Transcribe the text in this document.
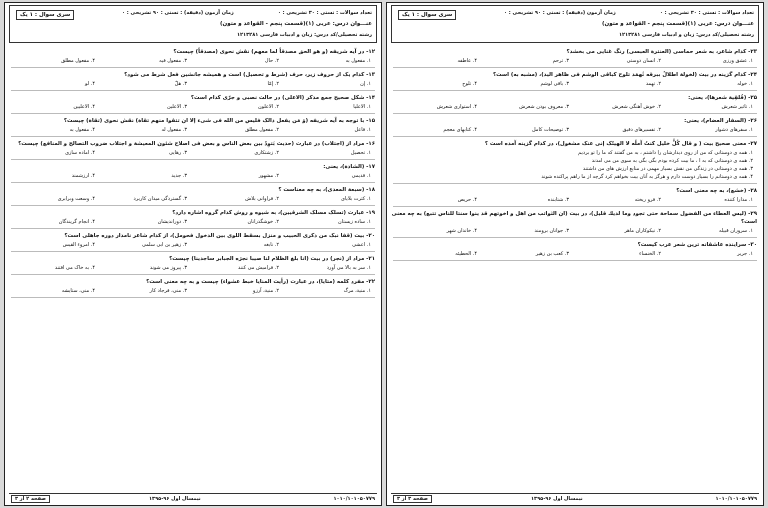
تعداد سوالات : تستی : ۳۰ تشریحی : ۰
زمان آزمون (دقیقه) : تستی : ۹۰ تشریحی : ۰
سری سوال : ۱ یک
عنـــوان درس: عربی (۱)(قسمت پنجم - القواعد و متون)
رشته تحصیلی/کد درس: زبان و ادبیات فارسی ۱۲۱۳۲۸۱
۱۲- در آیه شریفه (و هو الحق مصدقاً لما معهم) نقش نحوی (مصدقاً) چیست؟
۱. مفعول به
۲. حال
۳. مفعول فیه
۴. مفعول مطلق
۱۳- کدام یک از حروف زیر، حرف (شرط و تحصیل) است و همیشه جانشین فعل شرط می شود؟
۱. إن
۲. إمّا
۳. هلّ
۴. لو
۱۴- شکل صحیح جمع مذکر (الاعلی) در حالت نصبی و جرّی کدام است؟
۱. الاعلیا
۲. الاعلون
۳. الاعلین
۴. الاعلیین
۱۵- با توجه به آیه شریفه (وَ مَن یفعل ذالک فلیس من الله فی شیء إلا ان تتقوا منهم تقاة) نقش نحوی (تقاة) چیست؟
۱. فاعل
۲. مفعول مطلق
۳. مفعول له
۴. مفعول به
۱۶- مراد از (اجتلاب) در عبارت (حدیث بَتوِدّ بین بعض الناس و بعض فی اصلاح شئون المعیشة و اجتلاب ضروب التصالح و المنافع) چیست؟
۱. تحصیل
۲. زشتکاری
۳. رهایی
۴. اماده سازی
۱۷- (الشاذة)، یعنی:
۱. قدیمی
۲. مشهور
۳. جدید
۴. ارزشمند
۱۸- (سبعة المعدی)، به چه معناست ؟
۱. کثرت بلایای
۲. فراوانی بلاش
۳. گستردگی میدان کاربرد
۴. وسعت وبرابری
۱۹- عبارت (تسلک مسلک الشرقیین)، به شیوه و روش کدام گروه اشاره دارد؟
۱. ساده زیستان
۲. خوشگذرانان
۳. دوراندیشان
۴. انجام گریندگان
۲۰- بیت (قفا نبک من ذکری الحبیب و منزل بسقط اللوی بین الدخول فحومل)، از کدام شاعر نامدار دوره جاهلی است؟
۱. اعشی
۲. نابغه
۳. زهیر بن ابی سلمی
۴. امروء القیس
۲۱- مراد از (نجر) در بیت (انا بلغ الظلام لنا صیبا نجرَه الجبابر ساجدینا) چیست؟
۱. سر به بالا می آورد
۲. فرامیش می کنند
۳. پیروز می شوند
۴. به خاک می افتند
۲۲- مفرد کلمه (متایا)، در عبارت (رأیت المنایا خبط عشواء) چیست و به چه معنی است؟
۱. منیة، مرگ
۲. منیة، آرزو
۳. منی، فرجاد کار
۴. منی، ستایشه
۱۰۱۰/۱۰۱۰۵۰۷۷۹
نیمسال اول ۹۶-۱۳۹۵
صفحه ۲ از ۳
تعداد سوالات : تستی : ۳۰ تشریحی : ۰
زمان آزمون (دقیقه) : تستی : ۹۰ تشریحی : ۰
سری سوال : ۱ یک
عنـــوان درس: عربی (۱)(قسمت پنجم - القواعد و متون)
رشته تحصیلی/کد درس: زبان و ادبیات فارسی ۱۲۱۳۲۸۱
۲۳- کدام شاعر، به شعر حماسی (العنترة العبسی) رنگ غنایی می بخشد؟
۱. عشق ورزی
۲. انسان دوستی
۳. ترحم
۴. عاطفه
۲۴- کدام گزینه در بیت (لخولة اطلالٌ ببرقه ثَهمَد تلوح کباقی الوشم فی ظاهر الید)، (مشبه به) است؟
۱. خوله
۲. تهمد
۳. باقی لوشم
۴. تلوح
۲۵- (فُلقِیة شعرها)، یعنی:
۱. تاثیر شعرش
۲. خوش آهنگی شعرش
۳. معروف بودن شعرش
۴. استواری شعرش
۲۶- (السفار العضام)، یعنی:
۱. سفرهای دشوار
۲. تفسیرهای دقیق
۳. توصیحات کامل
۴. کتابهای معجم
۲۷- معنی صحیح بیت ( و قال کُلُّ خلیل کنتُ آملُه لا الهینّک إنی عنک مشغول)، در کدام گزینه آمده است ؟
۱. همه ی دوستانی که من از روی دیدارشان را داشتم ، به من گفتند که ما را تو بردیم
۲. همه ی دوستانی که به ا ، ما بیت کرده بودم بگی بگی به سوی من می امدند
۳. همه ی دوستانی در زندگی من نقش بسیار مهمی در منابع ارزش های من داشتند
۴. همه ی دوستانم را بسیار دوست دارم و هرگز به آنان بیت بخواهم کرد گرچه از ما راهم پراکنده شوند
۲۸- (خشع)، به چه معنی است؟
۱. مدارا کننده
۲. فرو ریخته
۳. شتابنده
۴. حریص
۲۹- (لیس العطاء من الفضول سماحة حتى تجود وما لدیك قلیل)، در بیت (ان الثواتب من اهل و اخوتهم قد ینوا سنتا للناس تتبع) به چه معنی است؟
۱. سروران قبیله
۲. نیکوکاران ماهر
۳. جوانان برومند
۴. خاندان شهر
۳۰- سراینده عاشقانه ترین شعر عرب کیست؟
۱. جریر
۲. الخنساء
۳. کعب بن زهیر
۴. الحطیئه
۱۰۱۰/۱۰۱۰۵۰۷۷۹
نیمسال اول ۹۶-۱۳۹۵
صفحه ۳ از ۳
